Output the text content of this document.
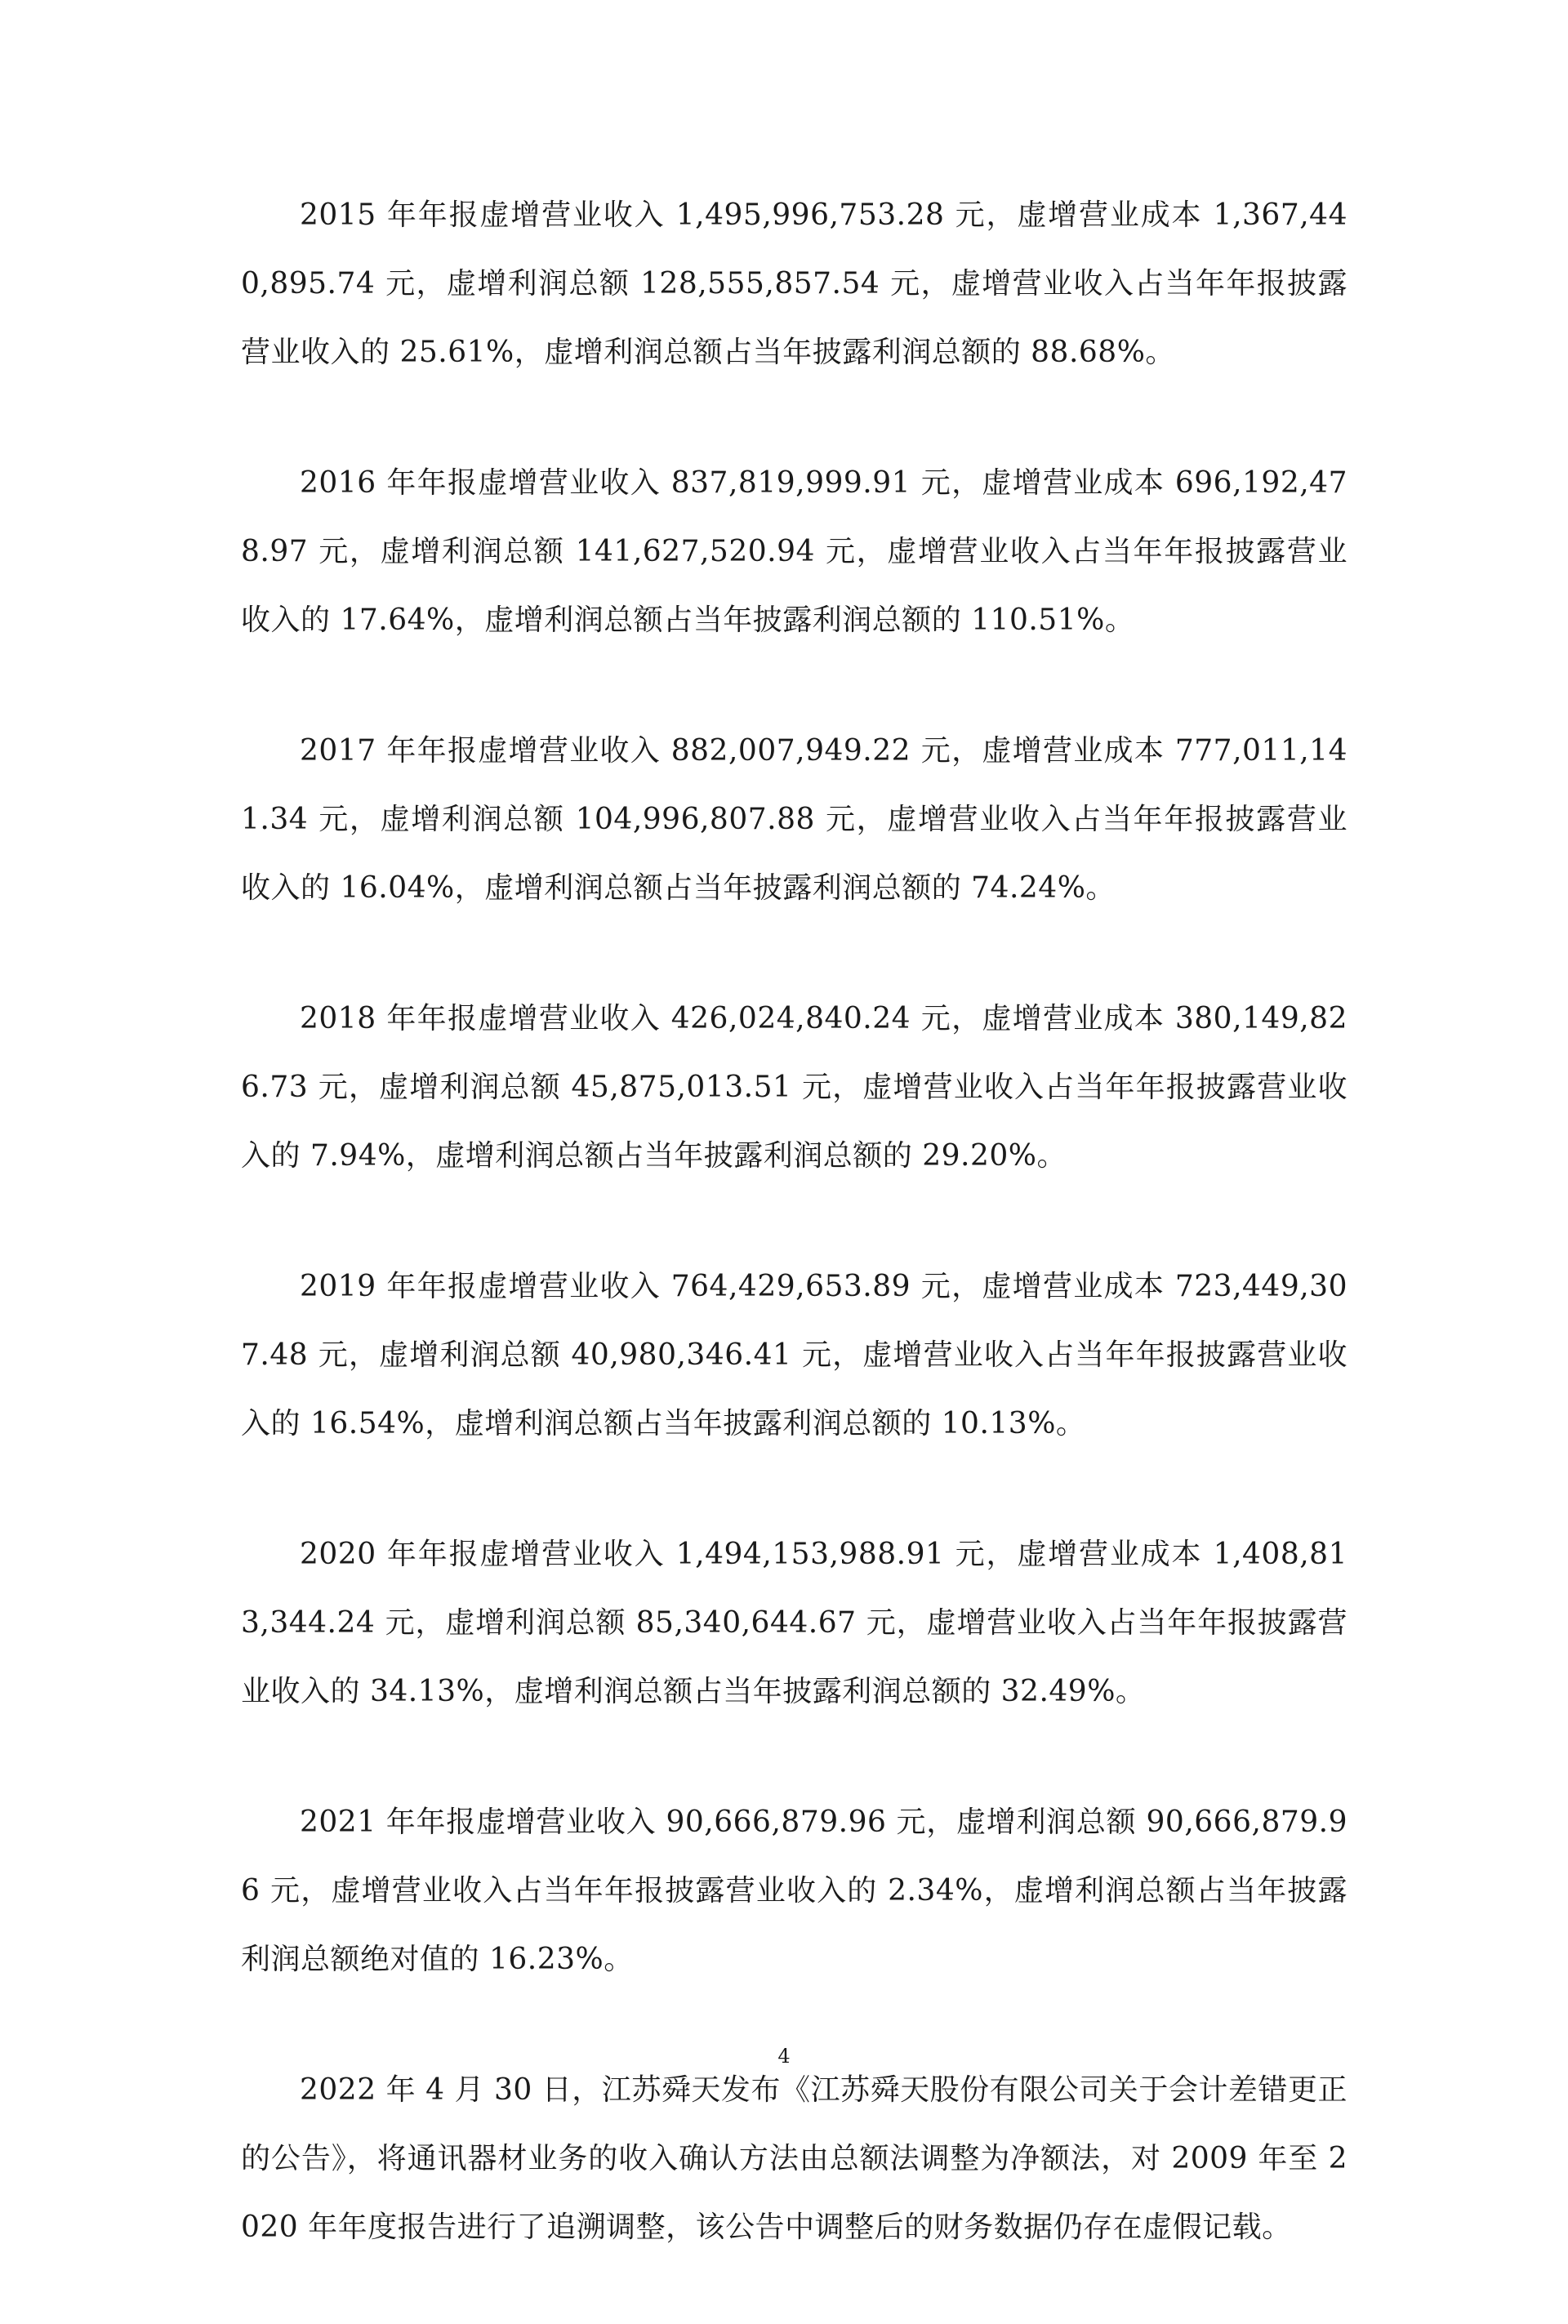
2015 年年报虚增营业收入 1,495,996,753.28 元，虚增营业成本 1,367,440,895.74 元，虚增利润总额 128,555,857.54 元，虚增营业收入占当年年报披露营业收入的 25.61%，虚增利润总额占当年披露利润总额的 88.68%。

2016 年年报虚增营业收入 837,819,999.91 元，虚增营业成本 696,192,478.97 元，虚增利润总额 141,627,520.94 元，虚增营业收入占当年年报披露营业收入的 17.64%，虚增利润总额占当年披露利润总额的 110.51%。

2017 年年报虚增营业收入 882,007,949.22 元，虚增营业成本 777,011,141.34 元，虚增利润总额 104,996,807.88 元，虚增营业收入占当年年报披露营业收入的 16.04%，虚增利润总额占当年披露利润总额的 74.24%。

2018 年年报虚增营业收入 426,024,840.24 元，虚增营业成本 380,149,826.73 元，虚增利润总额 45,875,013.51 元，虚增营业收入占当年年报披露营业收入的 7.94%，虚增利润总额占当年披露利润总额的 29.20%。

2019 年年报虚增营业收入 764,429,653.89 元，虚增营业成本 723,449,307.48 元，虚增利润总额 40,980,346.41 元，虚增营业收入占当年年报披露营业收入的 16.54%，虚增利润总额占当年披露利润总额的 10.13%。

2020 年年报虚增营业收入 1,494,153,988.91 元，虚增营业成本 1,408,813,344.24 元，虚增利润总额 85,340,644.67 元，虚增营业收入占当年年报披露营业收入的 34.13%，虚增利润总额占当年披露利润总额的 32.49%。

2021 年年报虚增营业收入 90,666,879.96 元，虚增利润总额 90,666,879.96 元，虚增营业收入占当年年报披露营业收入的 2.34%，虚增利润总额占当年披露利润总额绝对值的 16.23%。

2022 年 4 月 30 日，江苏舜天发布《江苏舜天股份有限公司关于会计差错更正的公告》，将通讯器材业务的收入确认方法由总额法调整为净额法，对 2009 年至 2020 年年度报告进行了追溯调整，该公告中调整后的财务数据仍存在虚假记载。

4
